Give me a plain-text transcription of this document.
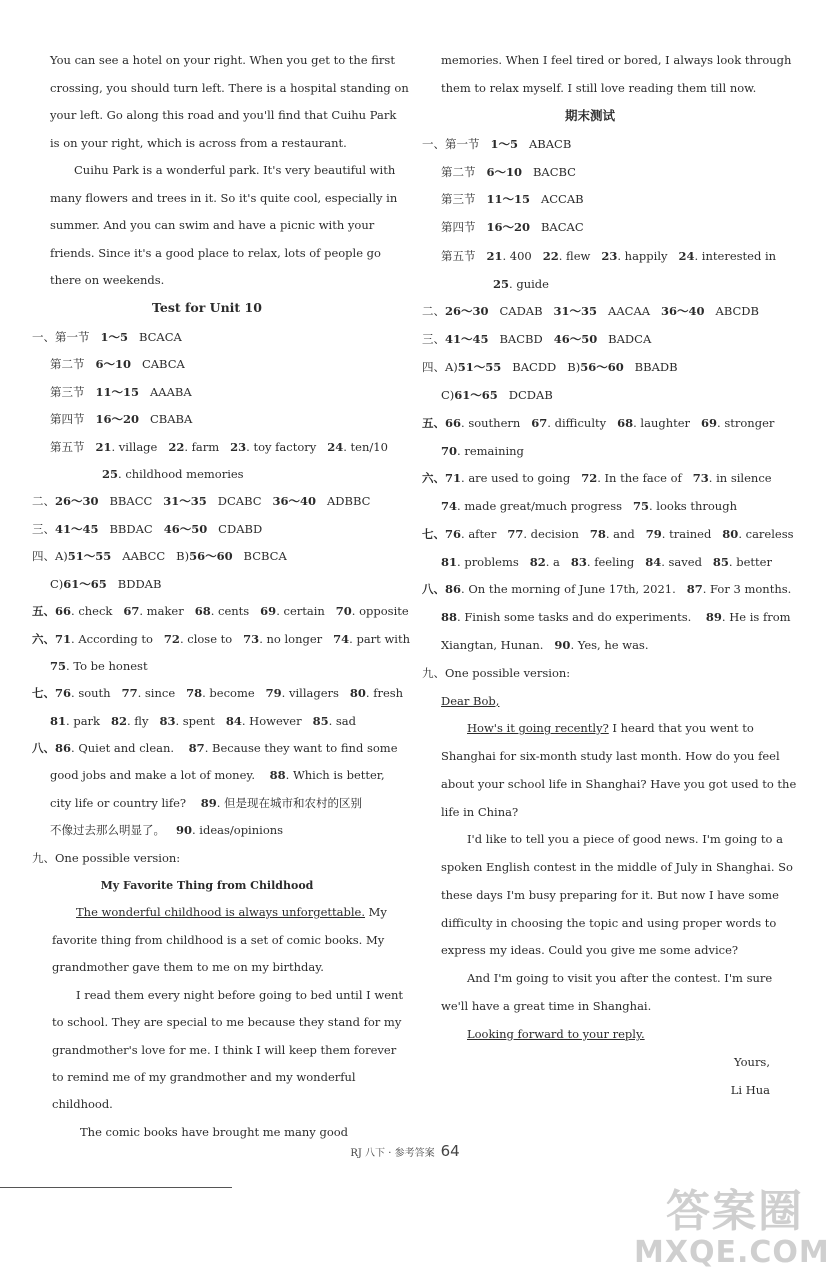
You can see a hotel on your right. When you get to the first
crossing, you should turn left. There is a hospital standing on
your left. Go along this road and you'll find that Cuihu Park
is on your right, which is across from a restaurant.
Cuihu Park is a wonderful park. It's very beautiful with
many flowers and trees in it. So it's quite cool, especially in
summer. And you can swim and have a picnic with your
friends. Since it's a good place to relax, lots of people go
there on weekends.
Test for Unit 10
一、第一节 1～5 BCACA
第二节 6～10 CABCA
第三节 11～15 AAABA
第四节 16～20 CBABA
第五节 21. village 22. farm 23. toy factory 24. ten/10
25. childhood memories
二、26～30 BBACC 31～35 DCABC 36～40 ADBBC
三、41～45 BBDAC 46～50 CDABD
四、A)51～55 AABCC B)56～60 BCBCA
C)61～65 BDDAB
五、66. check 67. maker 68. cents 69. certain 70. opposite
六、71. According to 72. close to 73. no longer 74. part with
75. To be honest
七、76. south 77. since 78. become 79. villagers 80. fresh
81. park 82. fly 83. spent 84. However 85. sad
八、86. Quiet and clean. 87. Because they want to find some
good jobs and make a lot of money. 88. Which is better,
city life or country life? 89. 但是现在城市和农村的区别
不像过去那么明显了。 90. ideas/opinions
九、One possible version:
My Favorite Thing from Childhood
The wonderful childhood is always unforgettable. My
favorite thing from childhood is a set of comic books. My
grandmother gave them to me on my birthday.
I read them every night before going to bed until I went
to school. They are special to me because they stand for my
grandmother's love for me. I think I will keep them forever
to remind me of my grandmother and my wonderful
childhood.
The comic books have brought me many good
memories. When I feel tired or bored, I always look through
them to relax myself. I still love reading them till now.
期末测试
一、第一节 1～5 ABACB
第二节 6～10 BACBC
第三节 11～15 ACCAB
第四节 16～20 BACAC
第五节 21. 400 22. flew 23. happily 24. interested in
25. guide
二、26～30 CADAB 31～35 AACAA 36～40 ABCDB
三、41～45 BACBD 46～50 BADCA
四、A)51～55 BACDD B)56～60 BBADB
C)61～65 DCDAB
五、66. southern 67. difficulty 68. laughter 69. stronger
70. remaining
六、71. are used to going 72. In the face of 73. in silence
74. made great/much progress 75. looks through
七、76. after 77. decision 78. and 79. trained 80. careless
81. problems 82. a 83. feeling 84. saved 85. better
八、86. On the morning of June 17th, 2021. 87. For 3 months.
88. Finish some tasks and do experiments. 89. He is from
Xiangtan, Hunan. 90. Yes, he was.
九、One possible version:
Dear Bob,
How's it going recently? I heard that you went to
Shanghai for six-month study last month. How do you feel
about your school life in Shanghai? Have you got used to the
life in China?
I'd like to tell you a piece of good news. I'm going to a
spoken English contest in the middle of July in Shanghai. So
these days I'm busy preparing for it. But now I have some
difficulty in choosing the topic and using proper words to
express my ideas. Could you give me some advice?
And I'm going to visit you after the contest. I'm sure
we'll have a great time in Shanghai.
Looking forward to your reply.
Yours,
Li Hua
RJ 八下 · 参考答案 64
答案圈
MXQE.COM
